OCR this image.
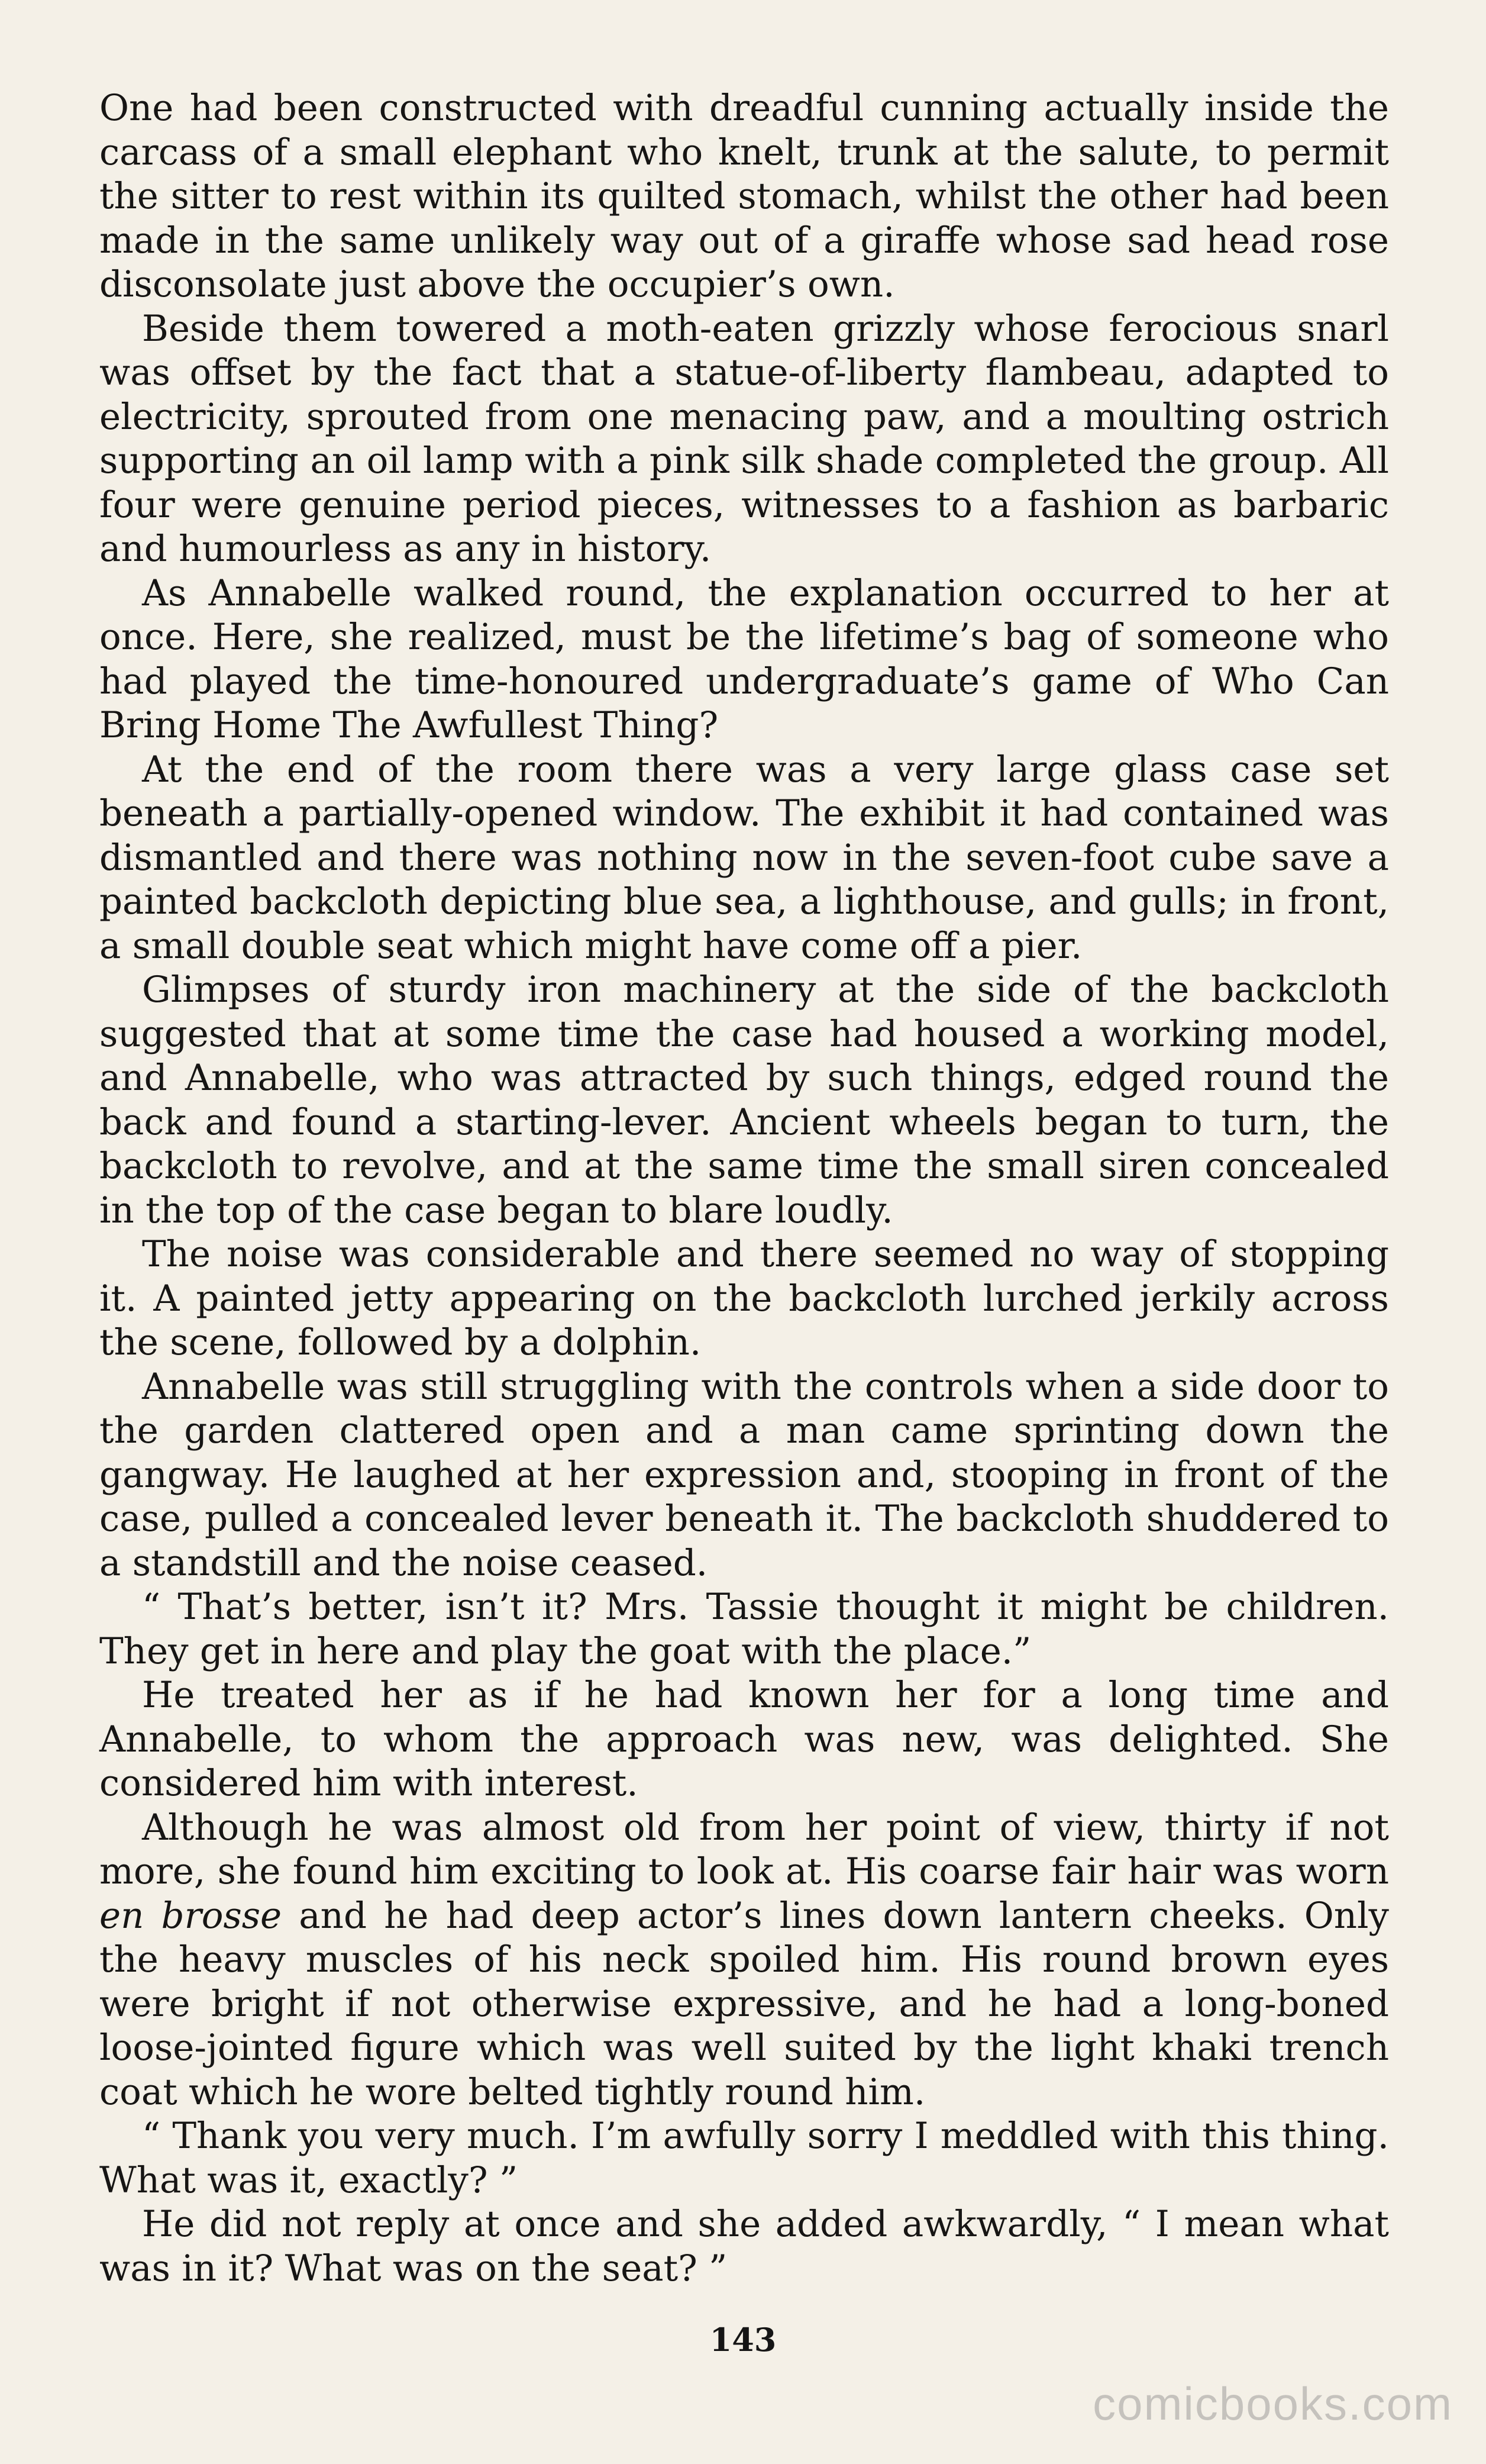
One had been constructed with dreadful cunning actually inside the carcass of a small elephant who knelt, trunk at the salute, to permit the sitter to rest within its quilted stomach, whilst the other had been made in the same unlikely way out of a giraffe whose sad head rose disconsolate just above the occupier’s own.

Beside them towered a moth-eaten grizzly whose ferocious snarl was offset by the fact that a statue-of-liberty flambeau, adapted to electricity, sprouted from one menacing paw, and a moulting ostrich supporting an oil lamp with a pink silk shade completed the group. All four were genuine period pieces, witnesses to a fashion as barbaric and humourless as any in history.

As Annabelle walked round, the explanation occurred to her at once. Here, she realized, must be the lifetime’s bag of someone who had played the time-honoured undergraduate’s game of Who Can Bring Home The Awfullest Thing?

At the end of the room there was a very large glass case set beneath a partially-opened window. The exhibit it had contained was dismantled and there was nothing now in the seven-foot cube save a painted backcloth depicting blue sea, a lighthouse, and gulls; in front, a small double seat which might have come off a pier.

Glimpses of sturdy iron machinery at the side of the backcloth suggested that at some time the case had housed a working model, and Annabelle, who was attracted by such things, edged round the back and found a starting-lever. Ancient wheels began to turn, the backcloth to revolve, and at the same time the small siren concealed in the top of the case began to blare loudly.

The noise was considerable and there seemed no way of stopping it. A painted jetty appearing on the backcloth lurched jerkily across the scene, followed by a dolphin.

Annabelle was still struggling with the controls when a side door to the garden clattered open and a man came sprinting down the gangway. He laughed at her expression and, stooping in front of the case, pulled a concealed lever beneath it. The backcloth shuddered to a standstill and the noise ceased.

“ That’s better, isn’t it? Mrs. Tassie thought it might be children. They get in here and play the goat with the place.”

He treated her as if he had known her for a long time and Annabelle, to whom the approach was new, was delighted. She considered him with interest.

Although he was almost old from her point of view, thirty if not more, she found him exciting to look at. His coarse fair hair was worn en brosse and he had deep actor’s lines down lantern cheeks. Only the heavy muscles of his neck spoiled him. His round brown eyes were bright if not otherwise expressive, and he had a long-boned loose-jointed figure which was well suited by the light khaki trench coat which he wore belted tightly round him.

“ Thank you very much. I’m awfully sorry I meddled with this thing. What was it, exactly? ”

He did not reply at once and she added awkwardly, “ I mean what was in it? What was on the seat? ”

143
comicbooks.com
